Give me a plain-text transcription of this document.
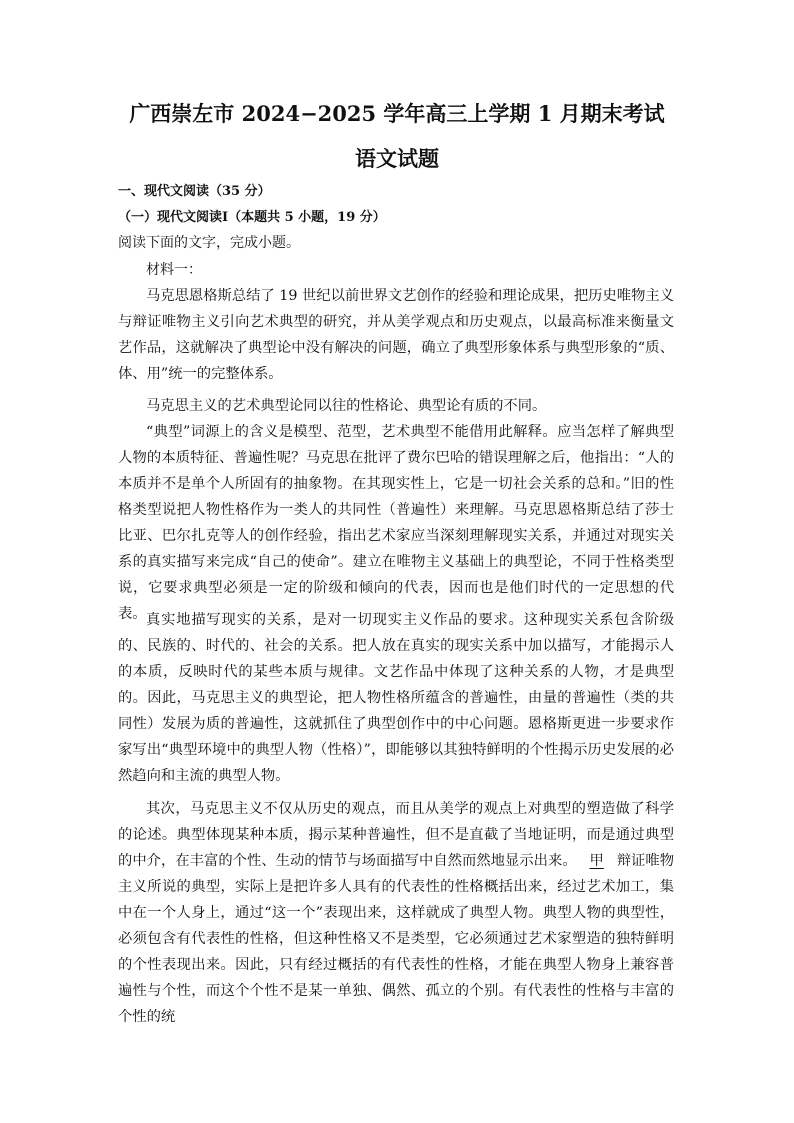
广西崇左市 2024−2025 学年高三上学期 1 月期末考试
语文试题
一、现代文阅读（35 分）
（一）现代文阅读Ⅰ（本题共 5 小题，19 分）
阅读下面的文字，完成小题。
材料一：

马克思恩格斯总结了 19 世纪以前世界文艺创作的经验和理论成果，把历史唯物主义与辩证唯物主义引向艺术典型的研究，并从美学观点和历史观点，以最高标准来衡量文艺作品，这就解决了典型论中没有解决的问题，确立了典型形象体系与典型形象的“质、体、用”统一的完整体系。

马克思主义的艺术典型论同以往的性格论、典型论有质的不同。

“典型”词源上的含义是模型、范型，艺术典型不能借用此解释。应当怎样了解典型人物的本质特征、普遍性呢？马克思在批评了费尔巴哈的错误理解之后，他指出：“人的本质并不是单个人所固有的抽象物。在其现实性上，它是一切社会关系的总和。”旧的性格类型说把人物性格作为一类人的共同性（普遍性）来理解。马克思恩格斯总结了莎士比亚、巴尔扎克等人的创作经验，指出艺术家应当深刻理解现实关系，并通过对现实关系的真实描写来完成“自己的使命”。建立在唯物主义基础上的典型论，不同于性格类型说，它要求典型必须是一定的阶级和倾向的代表，因而也是他们时代的一定思想的代表。 真实地描写现实的关系，是对一切现实主义作品的要求。这种现实关系包含阶级的、民族的、时代的、社会的关系。把人放在真实的现实关系中加以描写，才能揭示人的本质，反映时代的某些本质与规律。文艺作品中体现了这种关系的人物，才是典型的。因此，马克思主义的典型论，把人物性格所蕴含的普遍性，由量的普遍性（类的共同性）发展为质的普遍性，这就抓住了典型创作中的中心问题。恩格斯更进一步要求作家写出“典型环境中的典型人物（性格）”，即能够以其独特鲜明的个性揭示历史发展的必然趋向和主流的典型人物。

其次，马克思主义不仅从历史的观点，而且从美学的观点上对典型的塑造做了科学的论述。典型体现某种本质，揭示某种普遍性，但不是直截了当地证明，而是通过典型的中介，在丰富的个性、生动的情节与场面描写中自然而然地显示出来。 甲 辩证唯物主义所说的典型，实际上是把许多人具有的代表性的性格概括出来，经过艺术加工，集中在一个人身上，通过“这一个”表现出来，这样就成了典型人物。典型人物的典型性，必须包含有代表性的性格，但这种性格又不是类型，它必须通过艺术家塑造的独特鲜明的个性表现出来。因此，只有经过概括的有代表性的性格，才能在典型人物身上兼容普遍性与个性，而这个个性不是某一单独、偶然、孤立的个别。有代表性的性格与丰富的个性的统
